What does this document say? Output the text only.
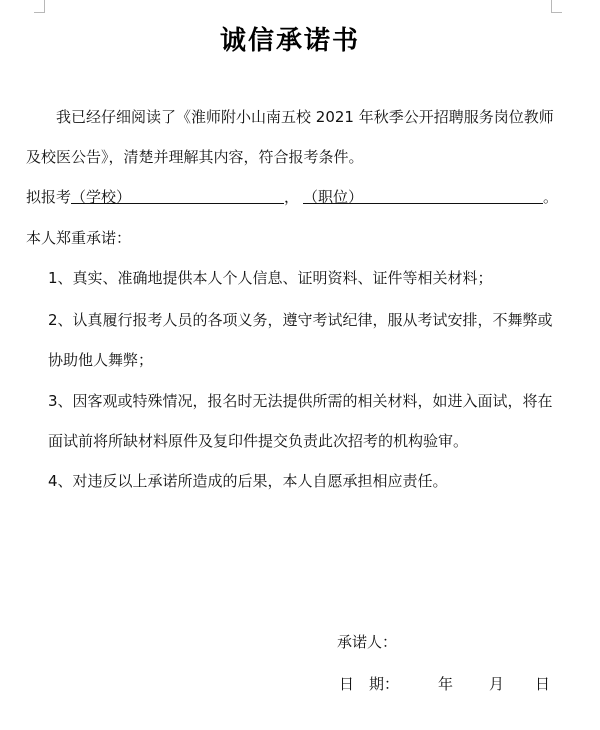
诚信承诺书
我已经仔细阅读了《淮师附小山南五校 2021 年秋季公开招聘服务岗位教师
及校医公告》，清楚并理解其内容，符合报考条件。
拟报考（学校）	， （职位）	。
本人郑重承诺：
1、真实、准确地提供本人个人信息、证明资料、证件等相关材料；
2、认真履行报考人员的各项义务，遵守考试纪律，服从考试安排，不舞弊或
协助他人舞弊；
3、因客观或特殊情况，报名时无法提供所需的相关材料，如进入面试，将在
面试前将所缺材料原件及复印件提交负责此次招考的机构验审。
4、对违反以上承诺所造成的后果，本人自愿承担相应责任。
承诺人：
日　期：	年 月 日
